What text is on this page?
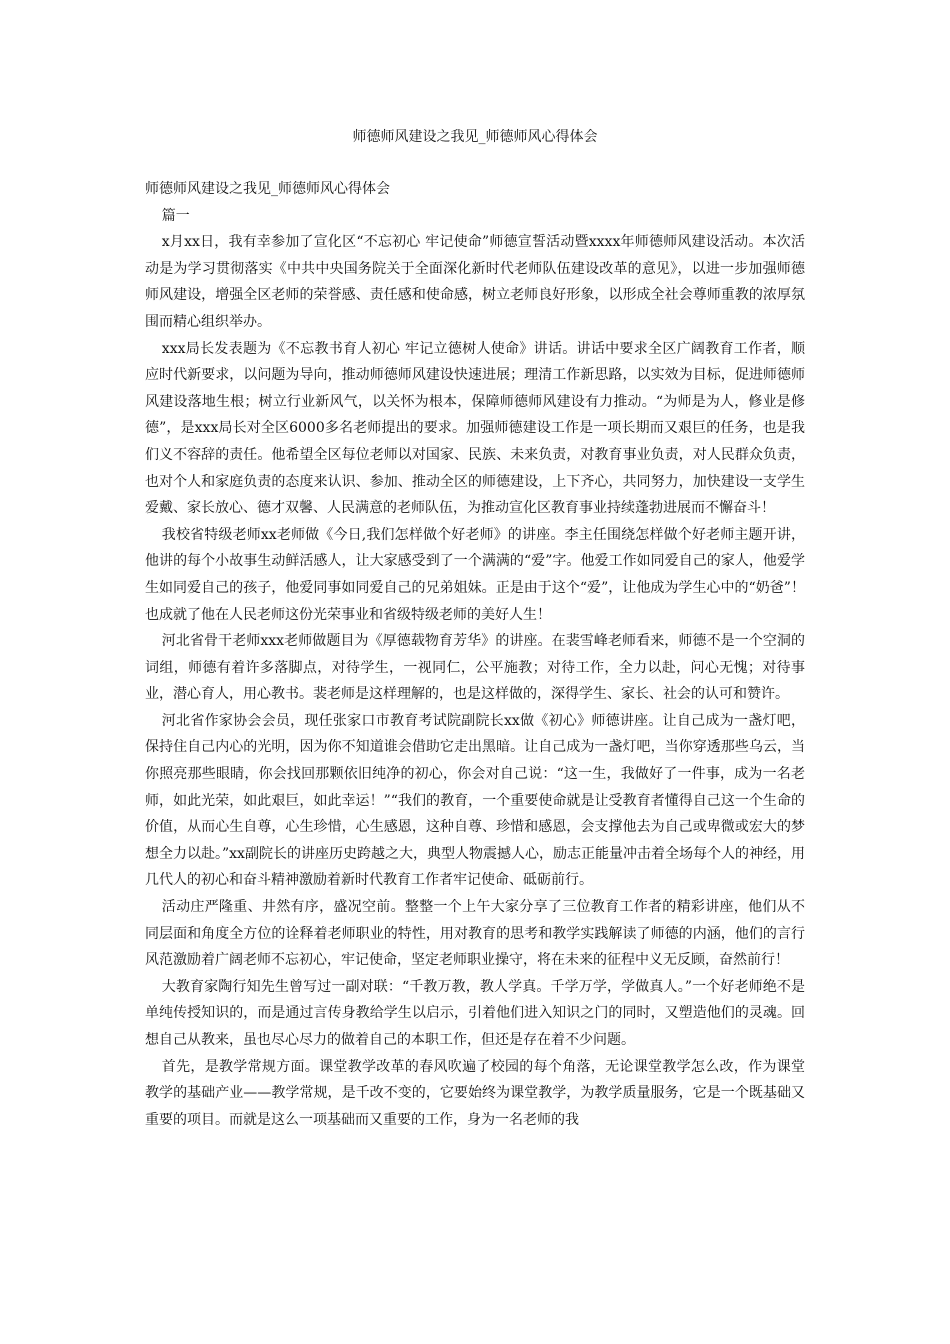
师德师风建设之我见_师德师风心得体会

师德师风建设之我见_师德师风心得体会

篇一

x月xx日，我有幸参加了宣化区“不忘初心 牢记使命”师德宣誓活动暨xxxx年师德师风建设活动。本次活动是为学习贯彻落实《中共中央国务院关于全面深化新时代老师队伍建设改革的意见》，以进一步加强师德师风建设，增强全区老师的荣誉感、责任感和使命感，树立老师良好形象，以形成全社会尊师重教的浓厚氛围而精心组织举办。

xxx局长发表题为《不忘教书育人初心 牢记立德树人使命》讲话。讲话中要求全区广阔教育工作者，顺应时代新要求，以问题为导向，推动师德师风建设快速进展；理清工作新思路，以实效为目标，促进师德师风建设落地生根；树立行业新风气，以关怀为根本，保障师德师风建设有力推动。“为师是为人，修业是修德”，是xxx局长对全区6000多名老师提出的要求。加强师德建设工作是一项长期而又艰巨的任务，也是我们义不容辞的责任。他希望全区每位老师以对国家、民族、未来负责，对教育事业负责，对人民群众负责，也对个人和家庭负责的态度来认识、参加、推动全区的师德建设，上下齐心，共同努力，加快建设一支学生爱戴、家长放心、德才双馨、人民满意的老师队伍，为推动宣化区教育事业持续蓬勃进展而不懈奋斗！

我校省特级老师xx老师做《今日,我们怎样做个好老师》的讲座。李主任围绕怎样做个好老师主题开讲，他讲的每个小故事生动鲜活感人，让大家感受到了一个满满的“爱”字。他爱工作如同爱自己的家人，他爱学生如同爱自己的孩子，他爱同事如同爱自己的兄弟姐妹。正是由于这个“爱”，让他成为学生心中的“奶爸”！也成就了他在人民老师这份光荣事业和省级特级老师的美好人生！

河北省骨干老师xxx老师做题目为《厚德载物育芳华》的讲座。在裴雪峰老师看来，师德不是一个空洞的词组，师德有着许多落脚点，对待学生，一视同仁，公平施教；对待工作，全力以赴，问心无愧；对待事业，潜心育人，用心教书。裴老师是这样理解的，也是这样做的，深得学生、家长、社会的认可和赞许。

河北省作家协会会员，现任张家口市教育考试院副院长xx做《初心》师德讲座。让自己成为一盏灯吧，保持住自己内心的光明，因为你不知道谁会借助它走出黑暗。让自己成为一盏灯吧，当你穿透那些乌云，当你照亮那些眼睛，你会找回那颗依旧纯净的初心，你会对自己说：“这一生，我做好了一件事，成为一名老师，如此光荣，如此艰巨，如此幸运！”“我们的教育，一个重要使命就是让受教育者懂得自己这一个生命的价值，从而心生自尊，心生珍惜，心生感恩，这种自尊、珍惜和感恩，会支撑他去为自己或卑微或宏大的梦想全力以赴。”xx副院长的讲座历史跨越之大，典型人物震撼人心，励志正能量冲击着全场每个人的神经，用几代人的初心和奋斗精神激励着新时代教育工作者牢记使命、砥砺前行。

活动庄严隆重、井然有序，盛况空前。整整一个上午大家分享了三位教育工作者的精彩讲座，他们从不同层面和角度全方位的诠释着老师职业的特性，用对教育的思考和教学实践解读了师德的内涵，他们的言行风范激励着广阔老师不忘初心，牢记使命，坚定老师职业操守，将在未来的征程中义无反顾，奋然前行！

大教育家陶行知先生曾写过一副对联：“千教万教，教人学真。千学万学，学做真人。”一个好老师绝不是单纯传授知识的，而是通过言传身教给学生以启示，引着他们进入知识之门的同时，又塑造他们的灵魂。回想自己从教来，虽也尽心尽力的做着自己的本职工作，但还是存在着不少问题。

首先，是教学常规方面。课堂教学改革的春风吹遍了校园的每个角落，无论课堂教学怎么改，作为课堂教学的基础产业——教学常规，是千改不变的，它要始终为课堂教学，为教学质量服务，它是一个既基础又重要的项目。而就是这么一项基础而又重要的工作，身为一名老师的我
